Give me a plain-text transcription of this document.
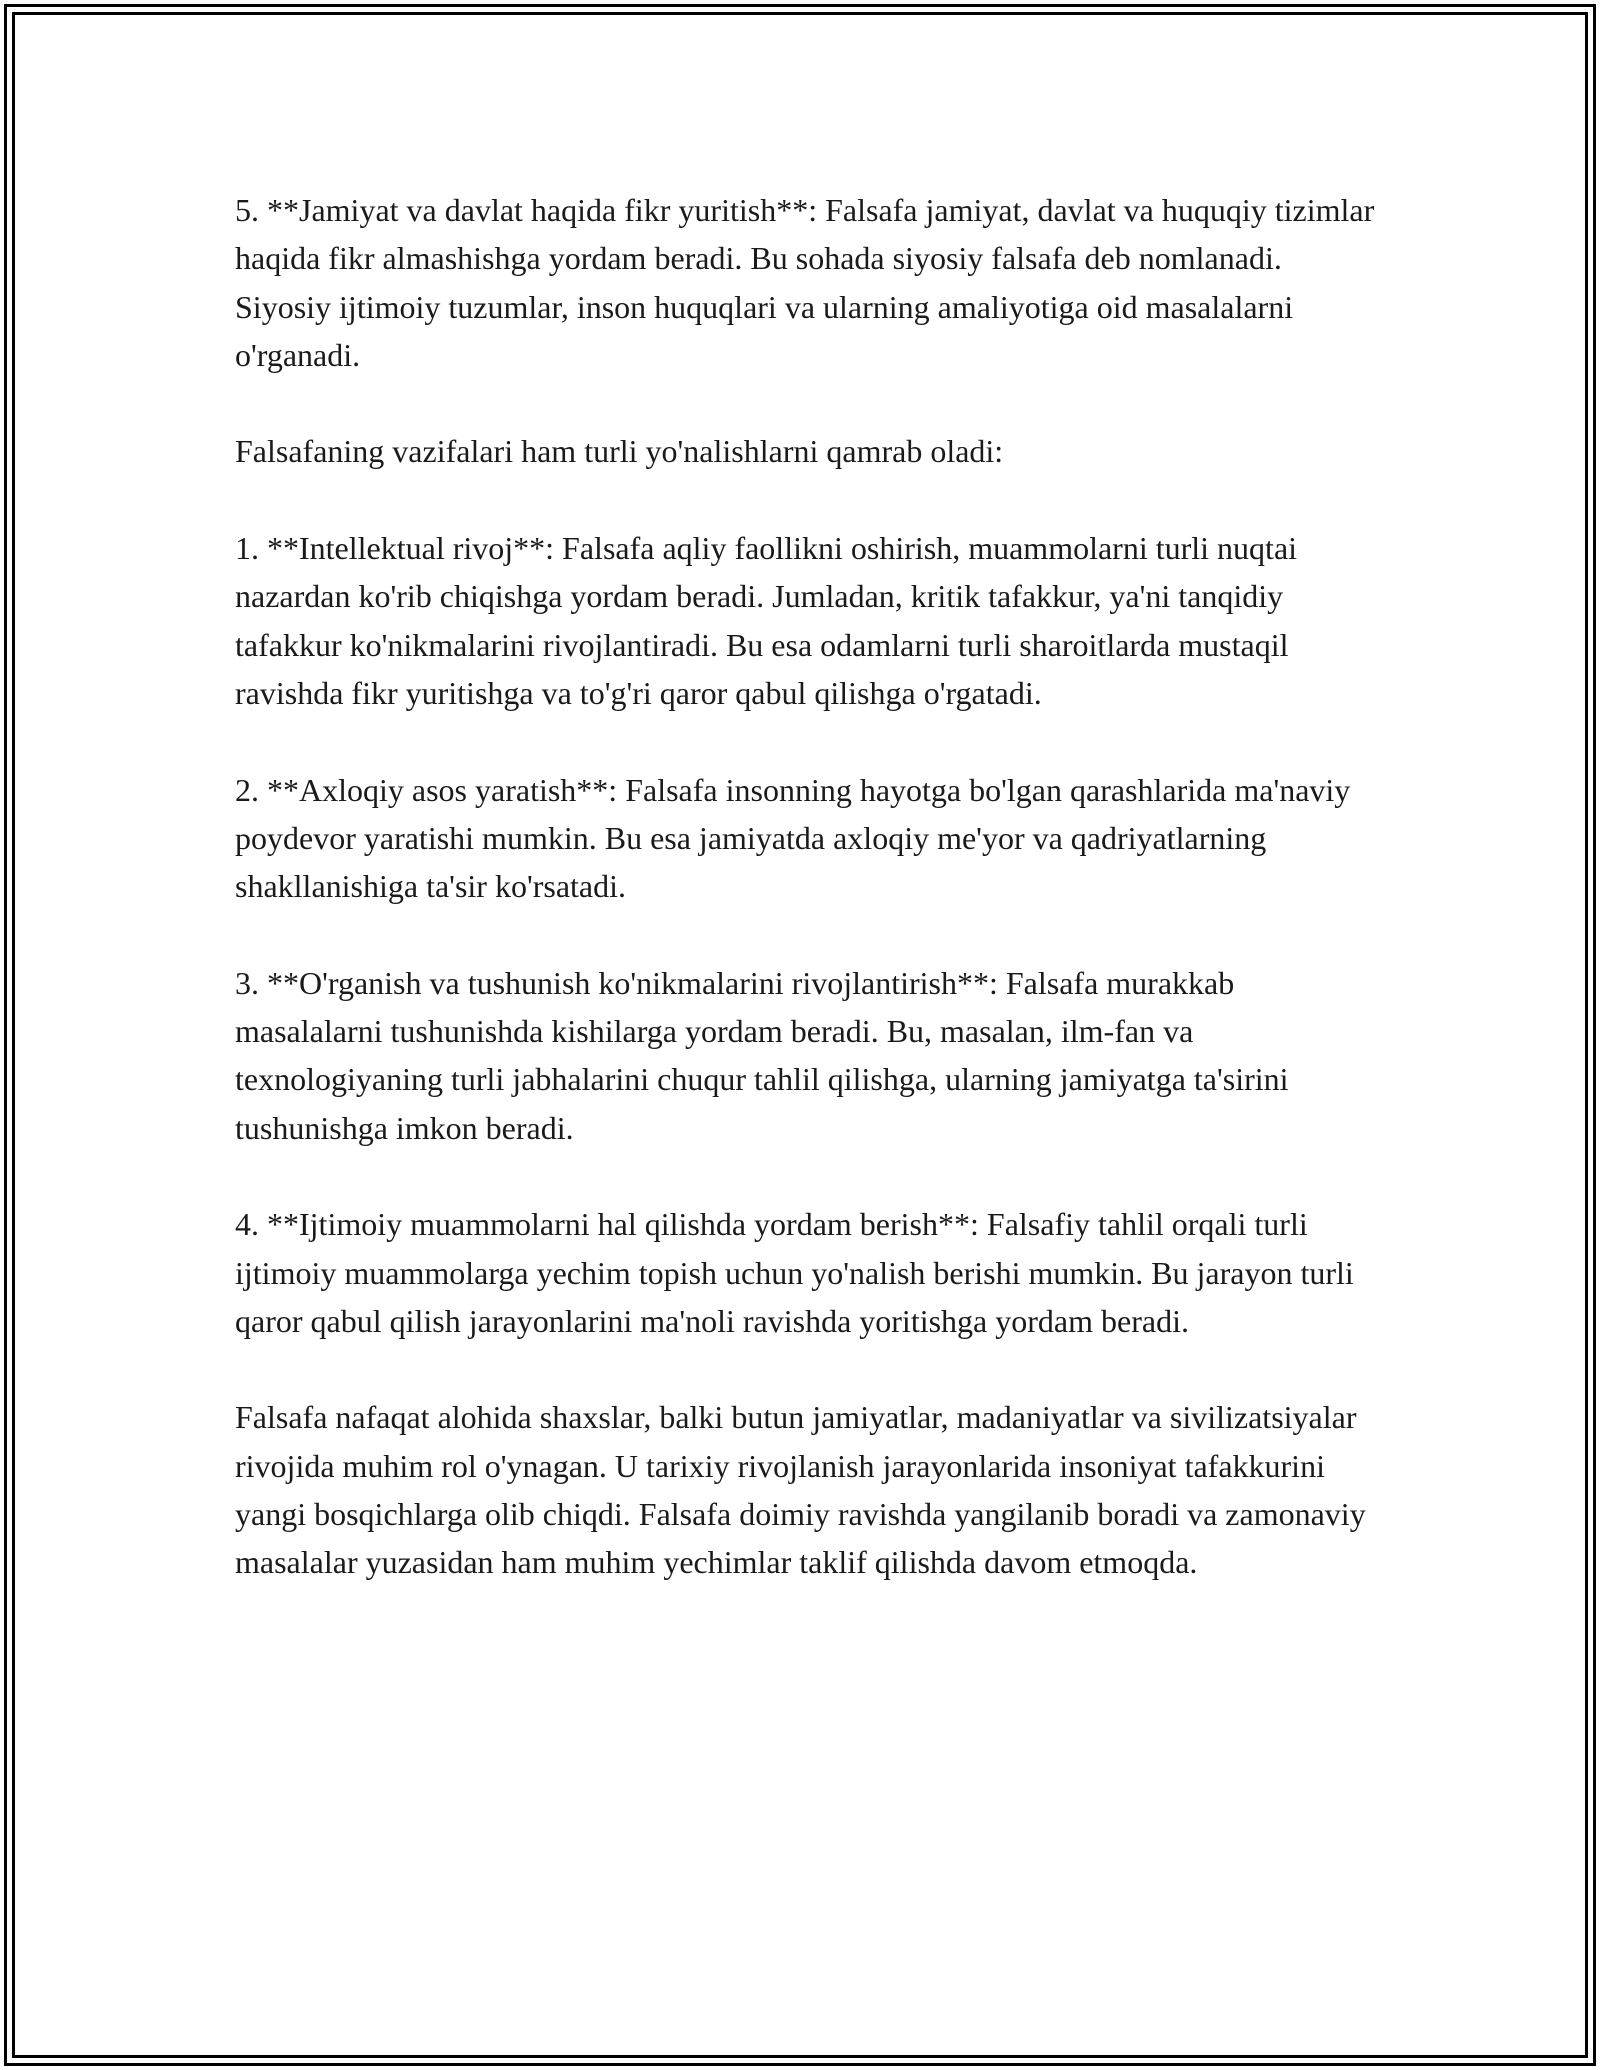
5. **Jamiyat va davlat haqida fikr yuritish**: Falsafa jamiyat, davlat va huquqiy tizimlar haqida fikr almashishga yordam beradi. Bu sohada siyosiy falsafa deb nomlanadi. Siyosiy ijtimoiy tuzumlar, inson huquqlari va ularning amaliyotiga oid masalalarni o'rganadi.

Falsafaning vazifalari ham turli yo'nalishlarni qamrab oladi:

1. **Intellektual rivoj**: Falsafa aqliy faollikni oshirish, muammolarni turli nuqtai nazardan ko'rib chiqishga yordam beradi. Jumladan, kritik tafakkur, ya'ni tanqidiy tafakkur ko'nikmalarini rivojlantiradi. Bu esa odamlarni turli sharoitlarda mustaqil ravishda fikr yuritishga va to'g'ri qaror qabul qilishga o'rgatadi.

2. **Axloqiy asos yaratish**: Falsafa insonning hayotga bo'lgan qarashlarida ma'naviy poydevor yaratishi mumkin. Bu esa jamiyatda axloqiy me'yor va qadriyatlarning shakllanishiga ta'sir ko'rsatadi.

3. **O'rganish va tushunish ko'nikmalarini rivojlantirish**: Falsafa murakkab masalalarni tushunishda kishilarga yordam beradi. Bu, masalan, ilm-fan va texnologiyaning turli jabhalarini chuqur tahlil qilishga, ularning jamiyatga ta'sirini tushunishga imkon beradi.

4. **Ijtimoiy muammolarni hal qilishda yordam berish**: Falsafiy tahlil orqali turli ijtimoiy muammolarga yechim topish uchun yo'nalish berishi mumkin. Bu jarayon turli qaror qabul qilish jarayonlarini ma'noli ravishda yoritishga yordam beradi.

Falsafa nafaqat alohida shaxslar, balki butun jamiyatlar, madaniyatlar va sivilizatsiyalar rivojida muhim rol o'ynagan. U tarixiy rivojlanish jarayonlarida insoniyat tafakkurini yangi bosqichlarga olib chiqdi. Falsafa doimiy ravishda yangilanib boradi va zamonaviy masalalar yuzasidan ham muhim yechimlar taklif qilishda davom etmoqda.
